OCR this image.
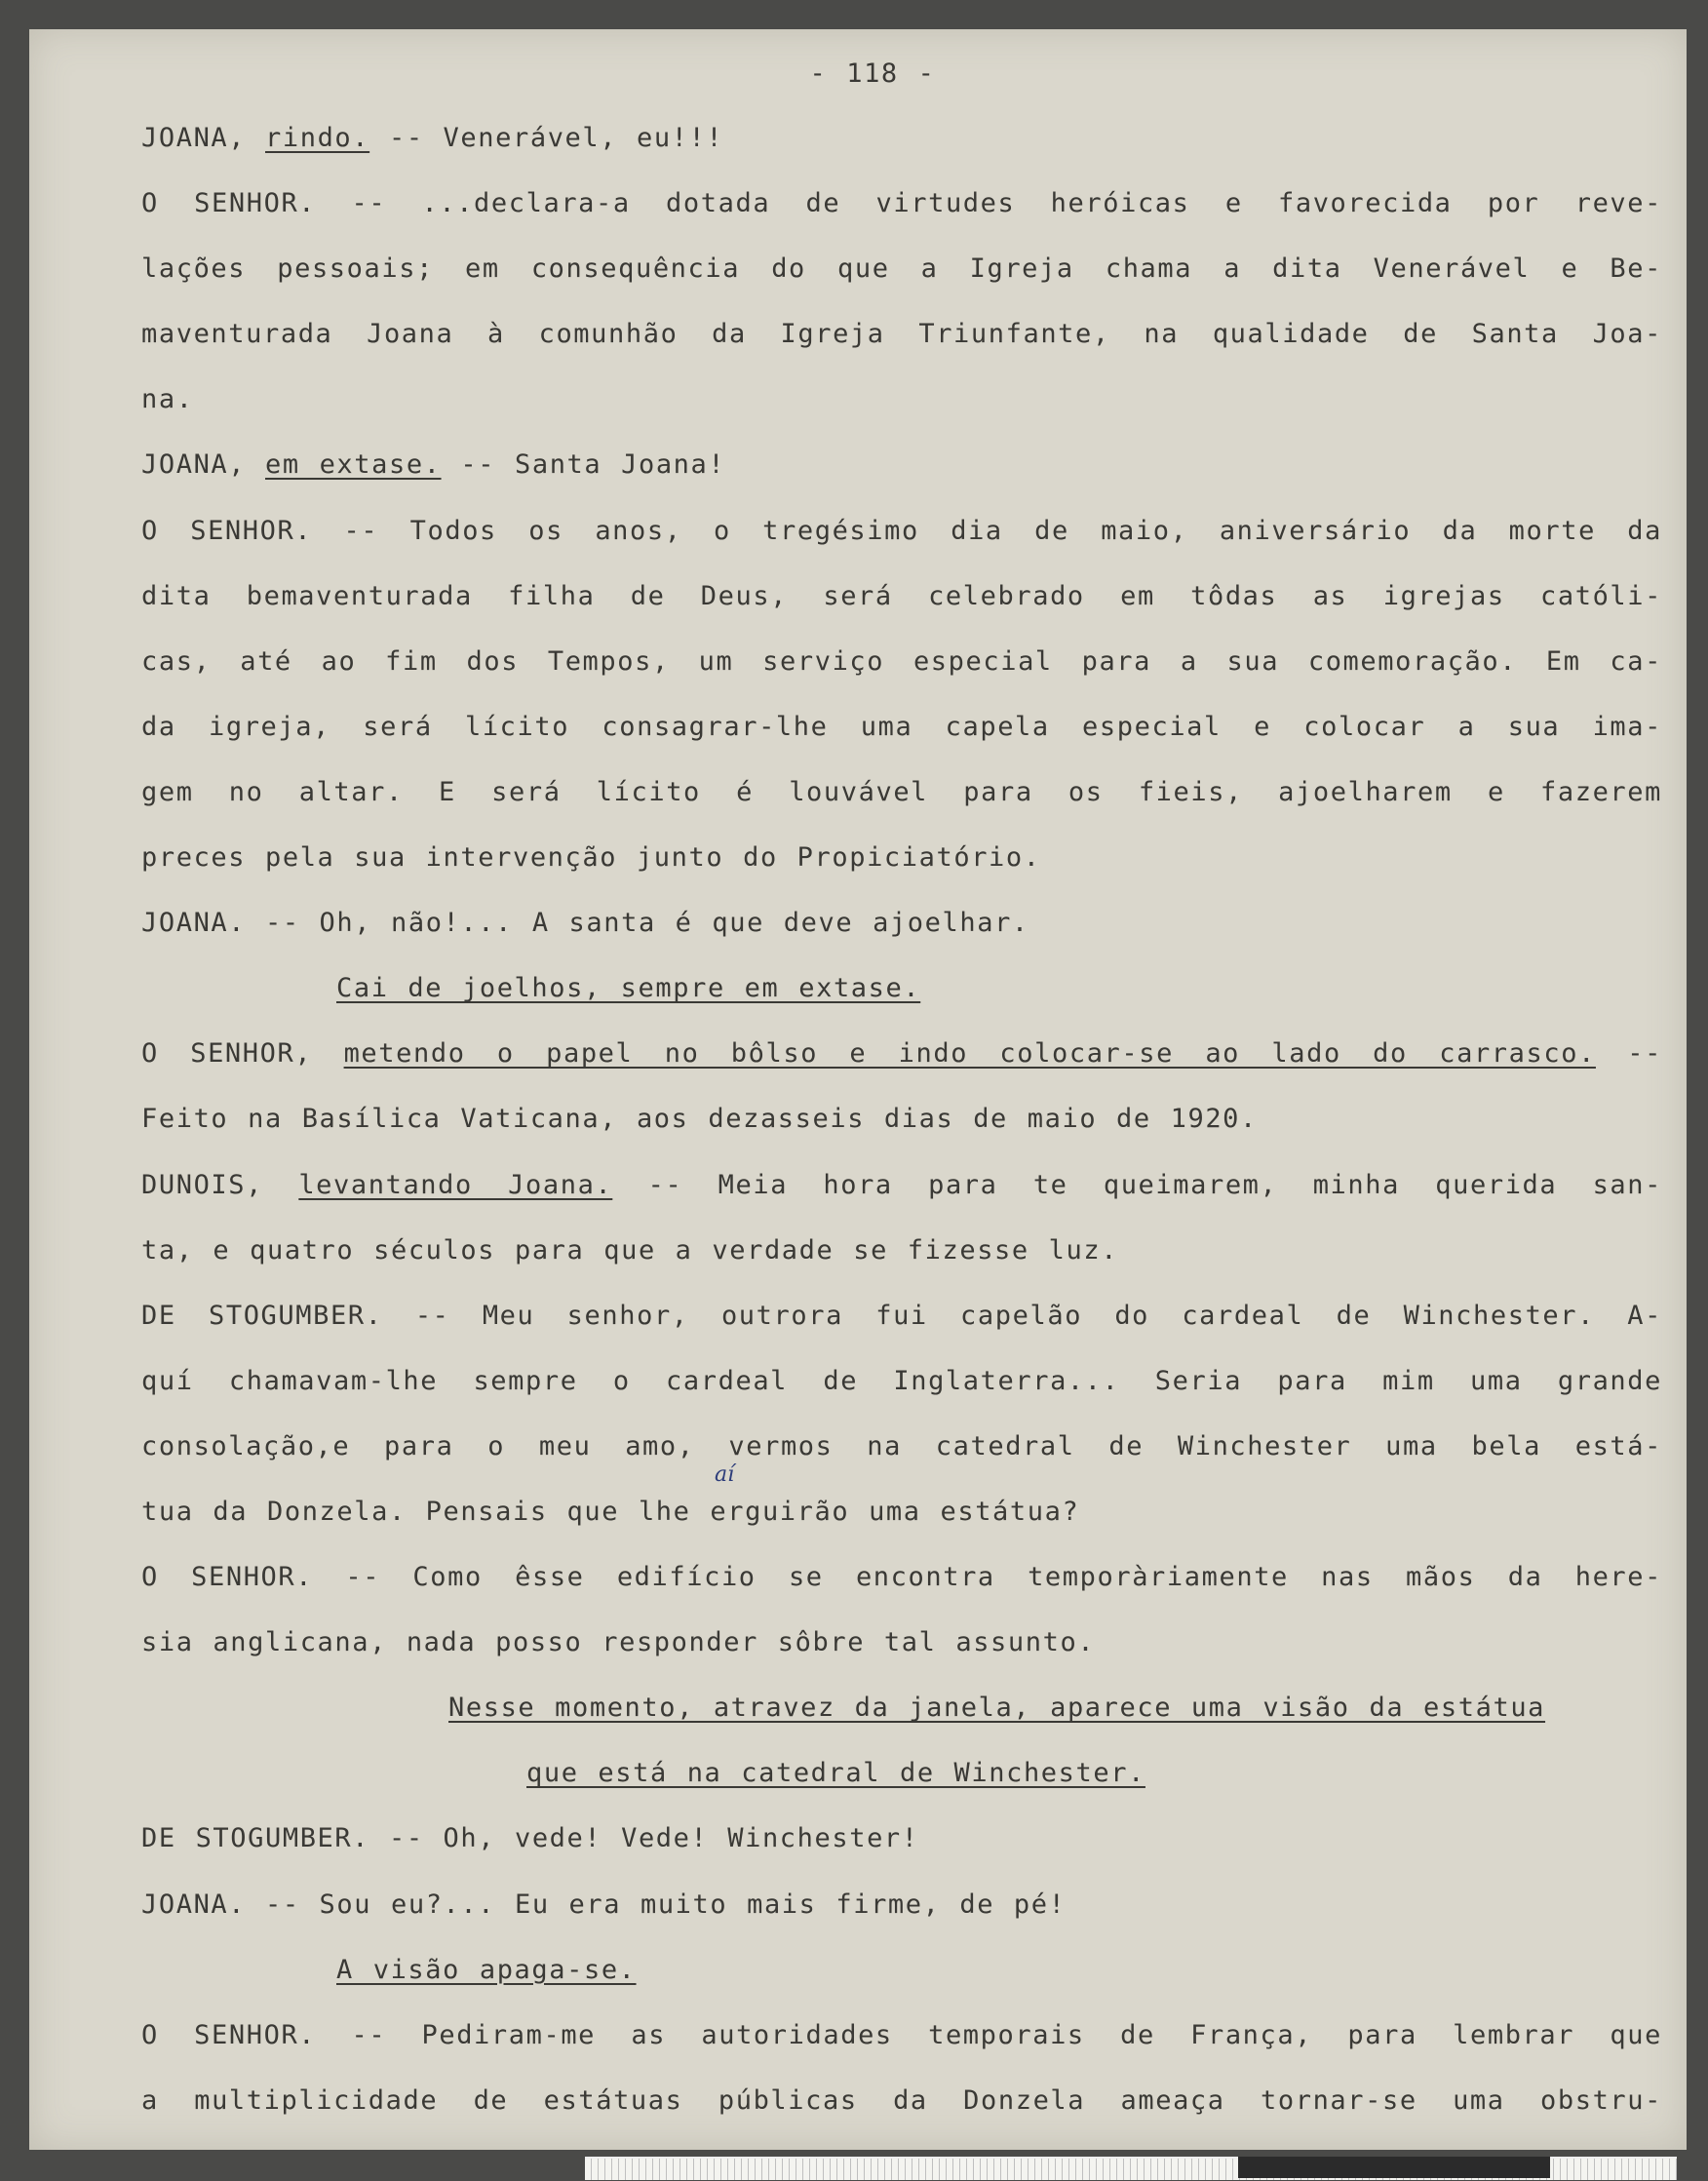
- 118 -
JOANA, rindo. -- Venerável, eu!!!
O SENHOR. -- ...declara-a dotada de virtudes heróicas e favorecida por reve-
lações pessoais; em consequência do que a Igreja chama a dita Venerável e Be-
maventurada Joana à comunhão da Igreja Triunfante, na qualidade de Santa Joa-
na.
JOANA, em extase. -- Santa Joana!
O SENHOR. -- Todos os anos, o tregésimo dia de maio, aniversário da morte da
dita bemaventurada filha de Deus, será celebrado em tôdas as igrejas católi-
cas, até ao fim dos Tempos, um serviço especial para a sua comemoração. Em ca-
da igreja, será lícito consagrar-lhe uma capela especial e colocar a sua ima-
gem no altar. E será lícito é louvável para os fieis, ajoelharem e fazerem
preces pela sua intervenção junto do Propiciatório.
JOANA. -- Oh, não!... A santa é que deve ajoelhar.
Cai de joelhos, sempre em extase.
O SENHOR, metendo o papel no bôlso e indo colocar-se ao lado do carrasco. --
Feito na Basílica Vaticana, aos dezasseis dias de maio de 1920.
DUNOIS, levantando Joana. -- Meia hora para te queimarem, minha querida san-
ta, e quatro séculos para que a verdade se fizesse luz.
DE STOGUMBER. -- Meu senhor, outrora fui capelão do cardeal de Winchester. A-
quí chamavam-lhe sempre o cardeal de Inglaterra... Seria para mim uma grande
consolação,e para o meu amo, vermos na catedral de Winchester uma bela está-
tua da Donzela. Pensais que lhe erguirão uma estátua?
O SENHOR. -- Como êsse edifício se encontra temporàriamente nas mãos da here-
sia anglicana, nada posso responder sôbre tal assunto.
Nesse momento, atravez da janela, aparece uma visão da estátua
que está na catedral de Winchester.
DE STOGUMBER. -- Oh, vede! Vede! Winchester!
JOANA. -- Sou eu?... Eu era muito mais firme, de pé!
A visão apaga-se.
O SENHOR. -- Pediram-me as autoridades temporais de França, para lembrar que
a multiplicidade de estátuas públicas da Donzela ameaça tornar-se uma obstru-
aí
